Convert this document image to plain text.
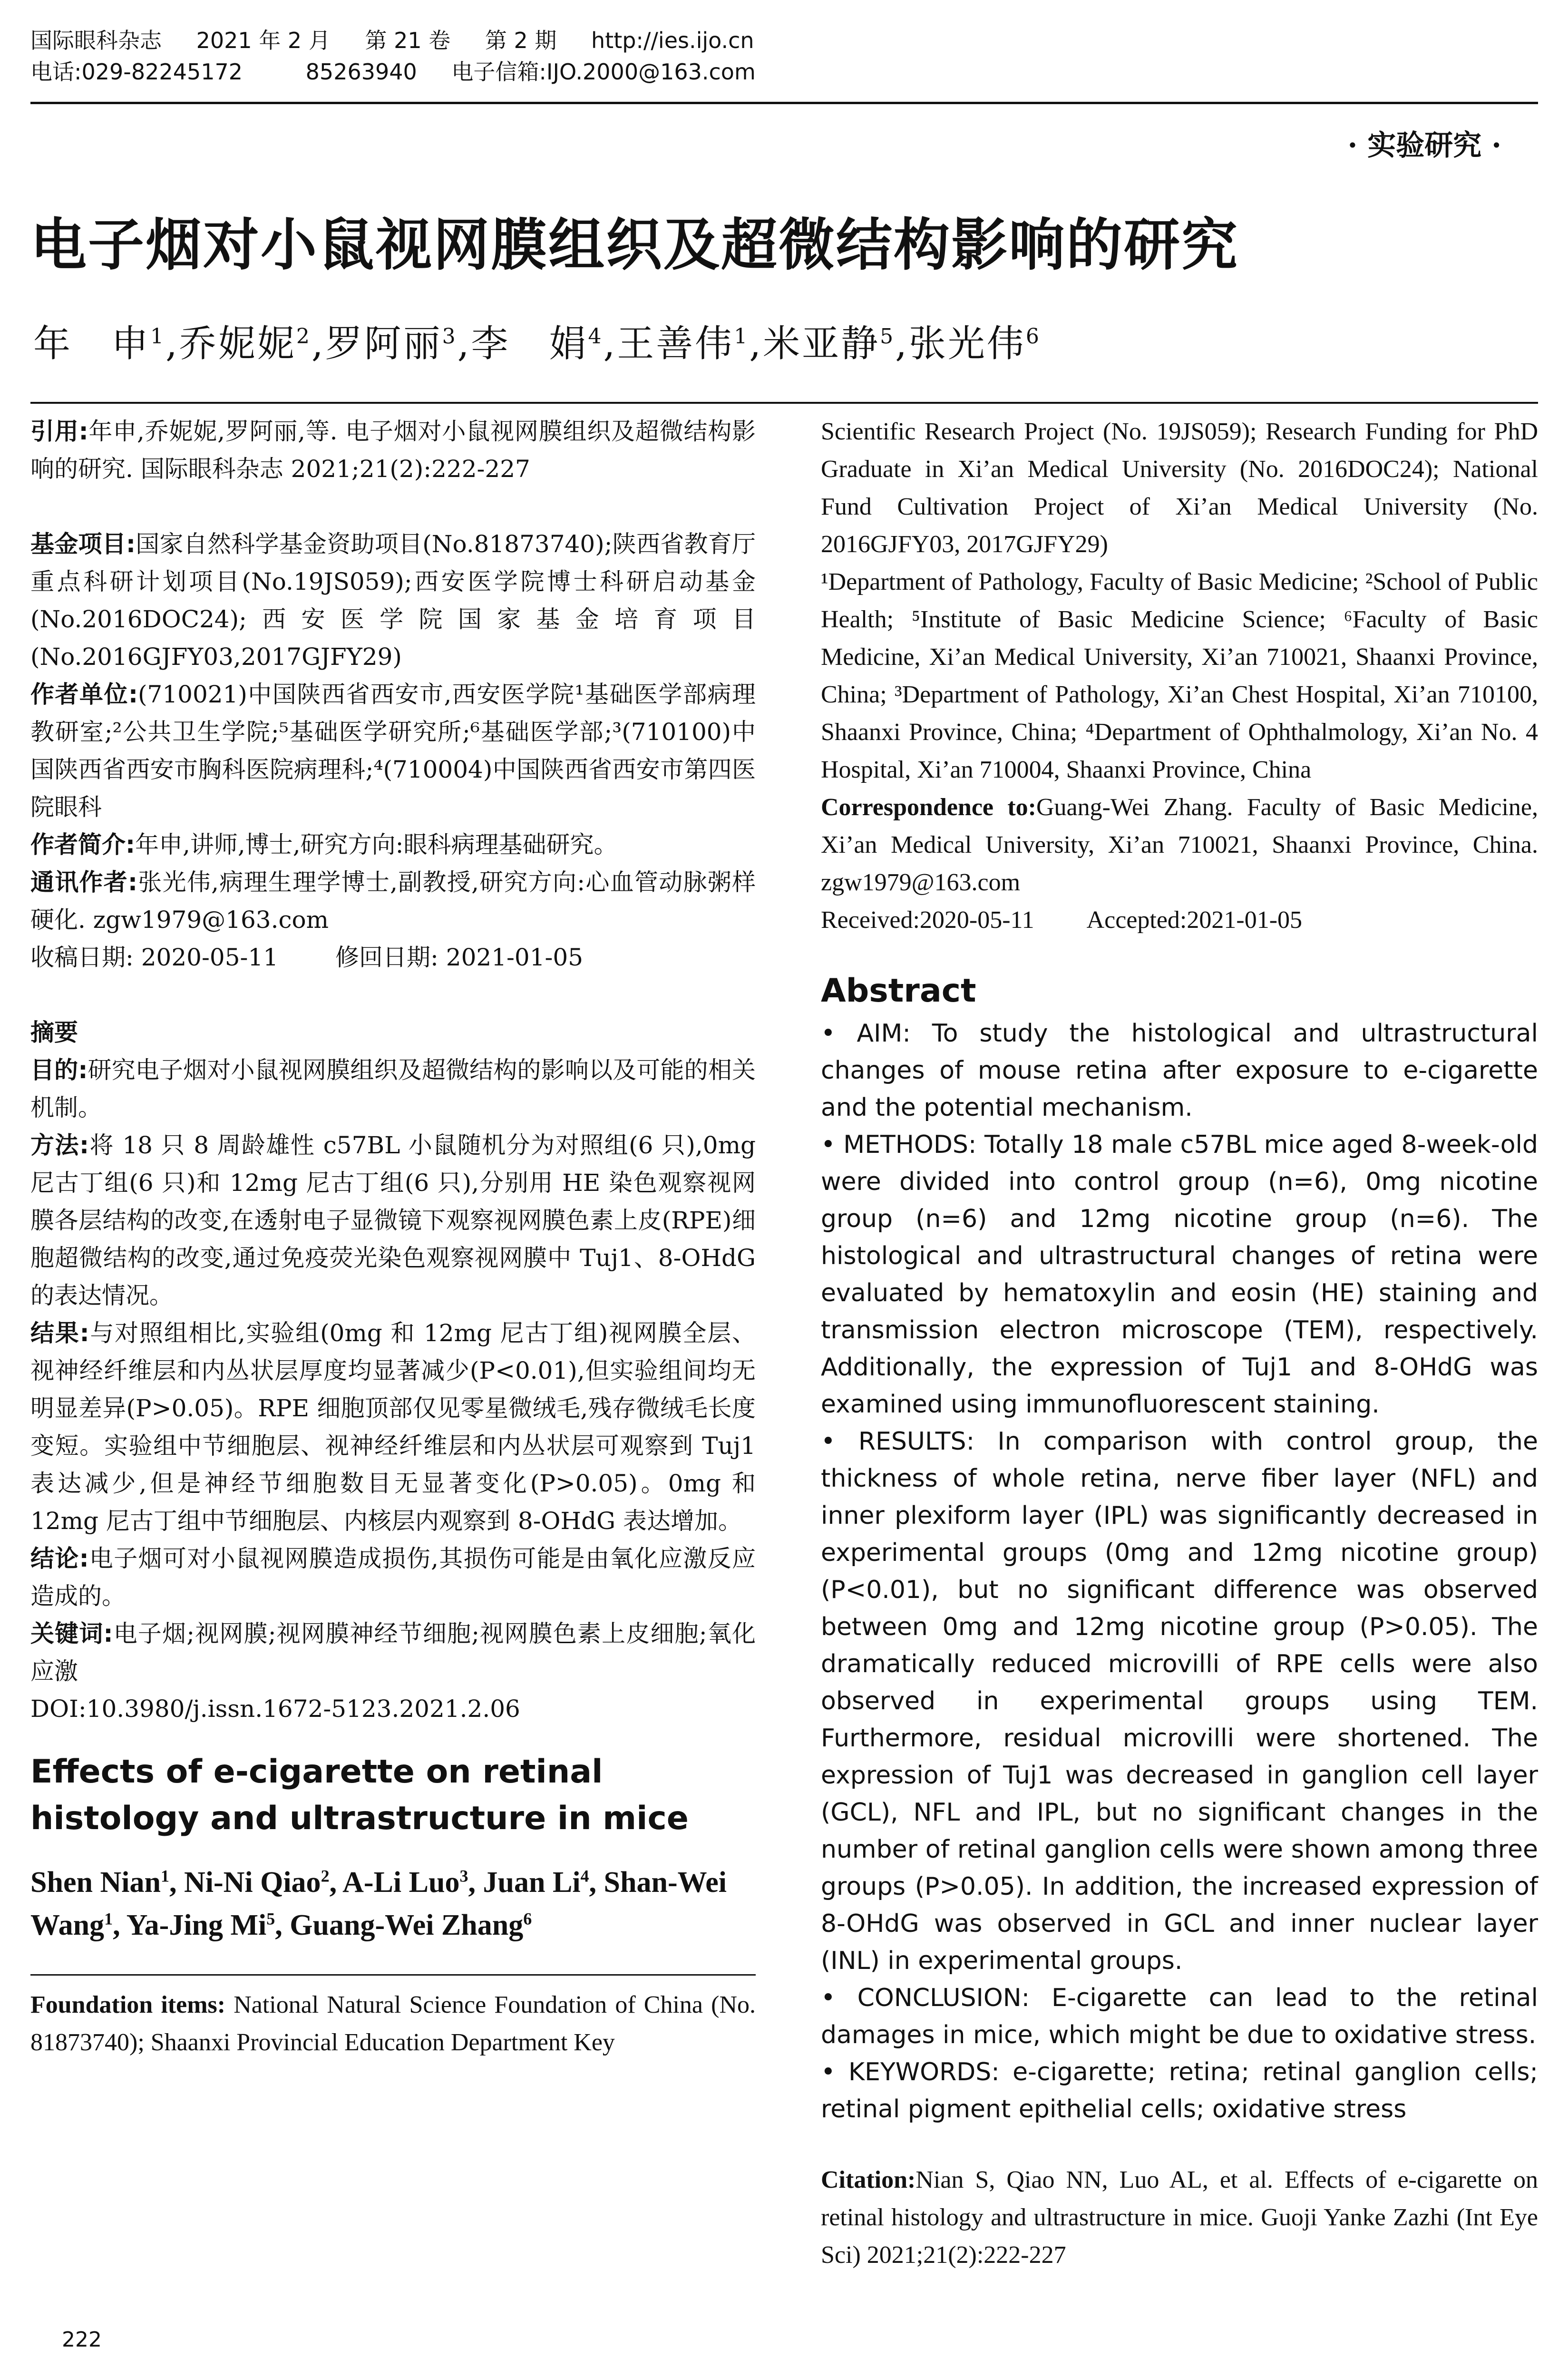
国际眼科杂志 2021 年 2 月 第 21 卷 第 2 期 http://ies.ijo.cn
电话:029-82245172	85263940 电子信箱:IJO.2000@163.com
· 实验研究 ·
电子烟对小鼠视网膜组织及超微结构影响的研究
年　申$^1$,乔妮妮$^2$,罗阿丽$^3$,李　娟$^4$,王善伟$^1$,米亚静$^5$,张光伟$^6$

引用:年申,乔妮妮,罗阿丽,等. 电子烟对小鼠视网膜组织及超微结构影响的研究. 国际眼科杂志 2021;21(2):222-227

基金项目:国家自然科学基金资助项目(No.81873740);陕西省教育厅重点科研计划项目(No.19JS059);西安医学院博士科研启动基金(No.2016DOC24);西安医学院国家基金培育项目(No.2016GJFY03,2017GJFY29)

作者单位:(710021)中国陕西省西安市,西安医学院¹基础医学部病理教研室;²公共卫生学院;⁵基础医学研究所;⁶基础医学部;³(710100)中国陕西省西安市胸科医院病理科;⁴(710004)中国陕西省西安市第四医院眼科

作者简介:年申,讲师,博士,研究方向:眼科病理基础研究。

通讯作者:张光伟,病理生理学博士,副教授,研究方向:心血管动脉粥样硬化. zgw1979@163.com

收稿日期: 2020-05-11 修回日期: 2021-01-05

摘要

目的:研究电子烟对小鼠视网膜组织及超微结构的影响以及可能的相关机制。

方法:将 18 只 8 周龄雄性 c57BL 小鼠随机分为对照组(6 只),0mg 尼古丁组(6 只)和 12mg 尼古丁组(6 只),分别用 HE 染色观察视网膜各层结构的改变,在透射电子显微镜下观察视网膜色素上皮(RPE)细胞超微结构的改变,通过免疫荧光染色观察视网膜中 Tuj1、8-OHdG 的表达情况。

结果:与对照组相比,实验组(0mg 和 12mg 尼古丁组)视网膜全层、视神经纤维层和内丛状层厚度均显著减少(P<0.01),但实验组间均无明显差异(P>0.05)。RPE 细胞顶部仅见零星微绒毛,残存微绒毛长度变短。实验组中节细胞层、视神经纤维层和内丛状层可观察到 Tuj1 表达减少,但是神经节细胞数目无显著变化(P>0.05)。0mg 和 12mg 尼古丁组中节细胞层、内核层内观察到 8-OHdG 表达增加。

结论:电子烟可对小鼠视网膜造成损伤,其损伤可能是由氧化应激反应造成的。

关键词:电子烟;视网膜;视网膜神经节细胞;视网膜色素上皮细胞;氧化应激

DOI:10.3980/j.issn.1672-5123.2021.2.06

Effects of e-cigarette on retinal histology and ultrastructure in mice
Shen Nian$^1$, Ni-Ni Qiao$^2$, A-Li Luo$^3$, Juan Li$^4$, Shan-Wei Wang$^1$, Ya-Jing Mi$^5$, Guang-Wei Zhang$^6$
Foundation items: National Natural Science Foundation of China (No. 81873740); Shaanxi Provincial Education Department Key
Scientific Research Project (No. 19JS059); Research Funding for PhD Graduate in Xi’an Medical University (No. 2016DOC24); National Fund Cultivation Project of Xi’an Medical University (No. 2016GJFY03, 2017GJFY29)
¹Department of Pathology, Faculty of Basic Medicine; ²School of Public Health; ⁵Institute of Basic Medicine Science; ⁶Faculty of Basic Medicine, Xi’an Medical University, Xi’an 710021, Shaanxi Province, China; ³Department of Pathology, Xi’an Chest Hospital, Xi’an 710100, Shaanxi Province, China; ⁴Department of Ophthalmology, Xi’an No. 4 Hospital, Xi’an 710004, Shaanxi Province, China
Correspondence to:Guang-Wei Zhang. Faculty of Basic Medicine, Xi’an Medical University, Xi’an 710021, Shaanxi Province, China. zgw1979@163.com
Received:2020-05-11 Accepted:2021-01-05
Abstract

• AIM: To study the histological and ultrastructural changes of mouse retina after exposure to e-cigarette and the potential mechanism.

• METHODS: Totally 18 male c57BL mice aged 8-week-old were divided into control group (n=6), 0mg nicotine group (n=6) and 12mg nicotine group (n=6). The histological and ultrastructural changes of retina were evaluated by hematoxylin and eosin (HE) staining and transmission electron microscope (TEM), respectively. Additionally, the expression of Tuj1 and 8-OHdG was examined using immunofluorescent staining.

• RESULTS: In comparison with control group, the thickness of whole retina, nerve fiber layer (NFL) and inner plexiform layer (IPL) was significantly decreased in experimental groups (0mg and 12mg nicotine group) (P<0.01), but no significant difference was observed between 0mg and 12mg nicotine group (P>0.05). The dramatically reduced microvilli of RPE cells were also observed in experimental groups using TEM. Furthermore, residual microvilli were shortened. The expression of Tuj1 was decreased in ganglion cell layer (GCL), NFL and IPL, but no significant changes in the number of retinal ganglion cells were shown among three groups (P>0.05). In addition, the increased expression of 8-OHdG was observed in GCL and inner nuclear layer (INL) in experimental groups.

• CONCLUSION: E-cigarette can lead to the retinal damages in mice, which might be due to oxidative stress.

• KEYWORDS: e-cigarette; retina; retinal ganglion cells; retinal pigment epithelial cells; oxidative stress

Citation:Nian S, Qiao NN, Luo AL, et al. Effects of e-cigarette on retinal histology and ultrastructure in mice. Guoji Yanke Zazhi (Int Eye Sci) 2021;21(2):222-227
222
